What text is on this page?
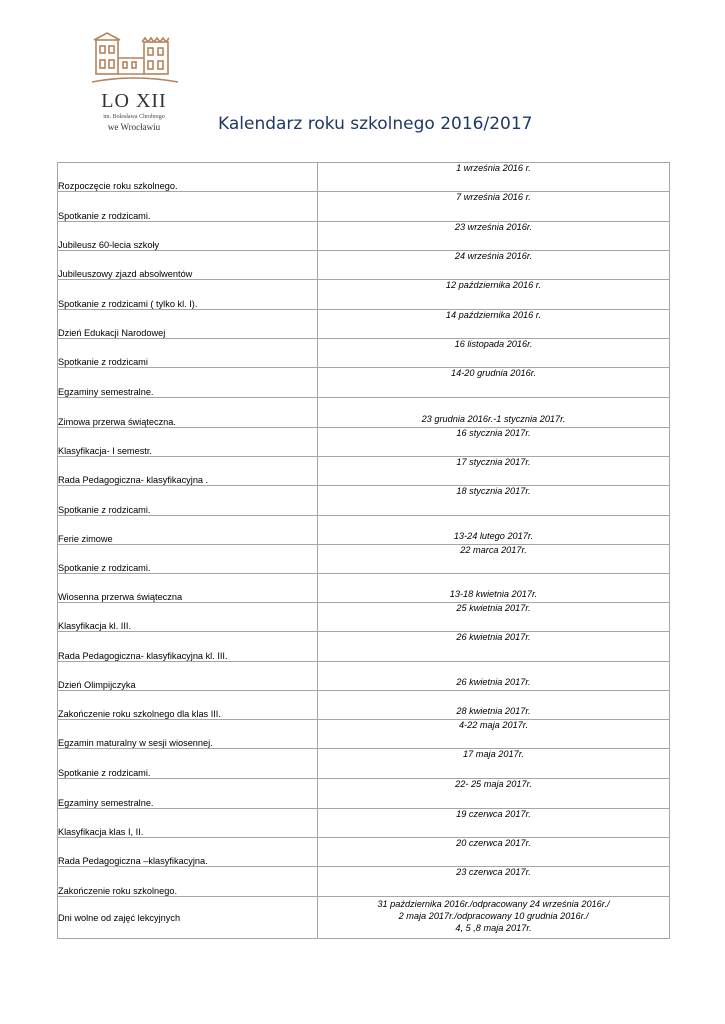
LO XII
im. Bolesława Chrobrego
we Wrocławiu	Kalendarz roku szkolnego 2016/2017
Rozpoczęcie roku szkolnego.	1 września 2016 r.
Spotkanie z rodzicami.	7 września 2016 r.
Jubileusz 60-lecia szkoły	23 września 2016r.
Jubileuszowy zjazd absolwentów	24 września 2016r.
Spotkanie z rodzicami ( tylko kl. I).	12 października 2016 r.
Dzień Edukacji Narodowej	14 października 2016 r.
Spotkanie z rodzicami	16 listopada 2016r.
Egzaminy semestralne.	14-20 grudnia 2016r.
Zimowa przerwa świąteczna.	23 grudnia 2016r.-1 stycznia 2017r.
Klasyfikacja- I semestr.	16 stycznia 2017r.
Rada Pedagogiczna- klasyfikacyjna .	17 stycznia 2017r.
Spotkanie z rodzicami.	18 stycznia 2017r.
Ferie zimowe	13-24 lutego 2017r.
Spotkanie z rodzicami.	22 marca 2017r.
Wiosenna przerwa świąteczna	13-18 kwietnia 2017r.
Klasyfikacja kl. III.	25 kwietnia 2017r.
Rada Pedagogiczna- klasyfikacyjna kl. III.	26 kwietnia 2017r.
Dzień Olimpijczyka	26 kwietnia 2017r.
Zakończenie roku szkolnego dla klas III.	28 kwietnia 2017r.
Egzamin maturalny w sesji wiosennej.	4-22 maja 2017r.
Spotkanie z rodzicami.	17 maja 2017r.
Egzaminy semestralne.	22- 25 maja 2017r.
Klasyfikacja klas I, II.	19 czerwca 2017r.
Rada Pedagogiczna –klasyfikacyjna.	20 czerwca 2017r.
Zakończenie roku szkolnego.	23 czerwca 2017r.
Dni wolne od zajęć lekcyjnych	31 października 2016r./odpracowany 24 września 2016r./
2 maja 2017r./odpracowany 10 grudnia 2016r./
4, 5 ,8 maja 2017r.
